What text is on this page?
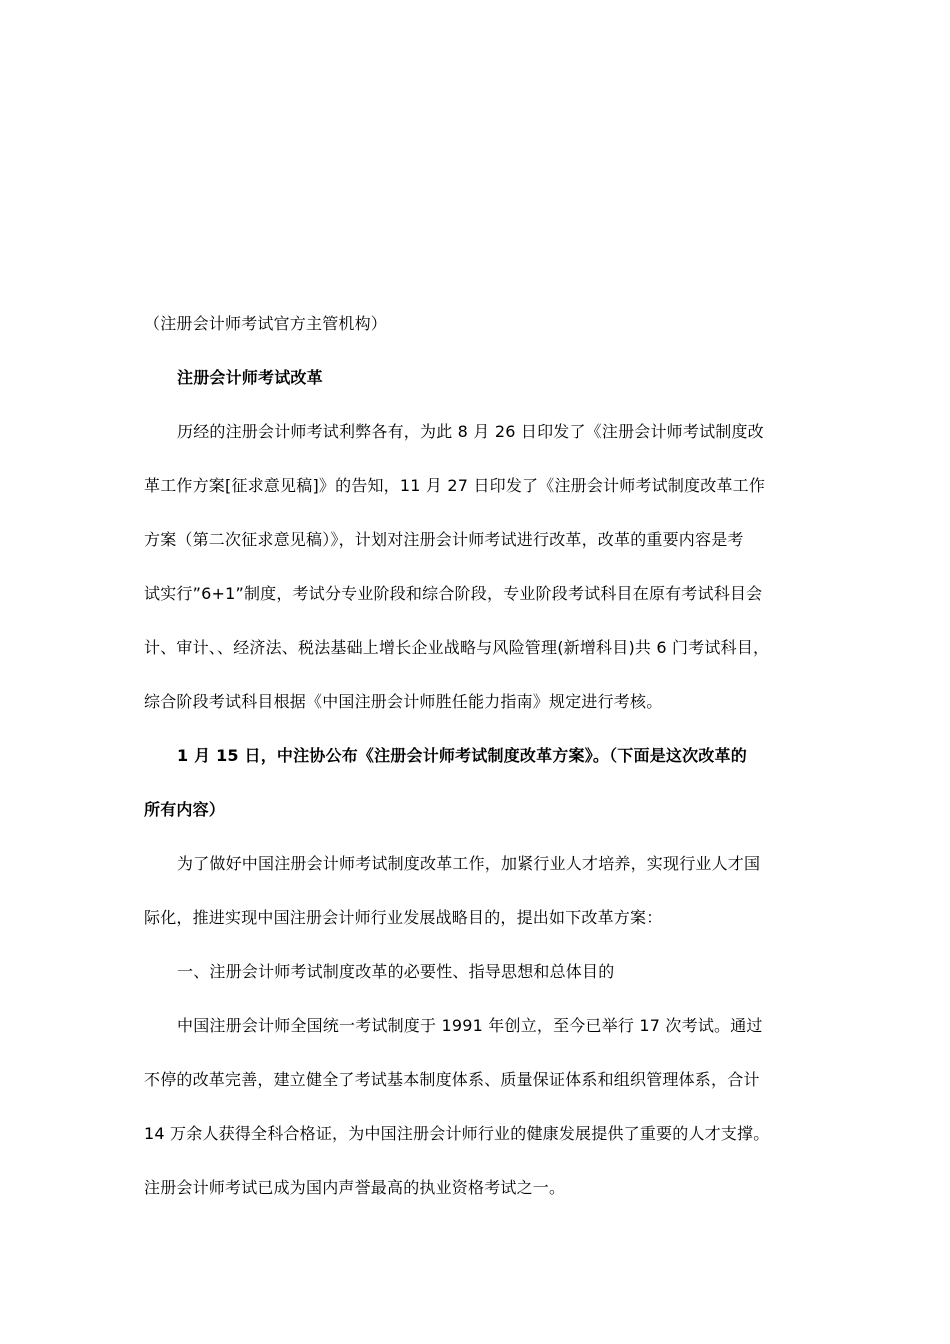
（注册会计师考试官方主管机构）
注册会计师考试改革
历经的注册会计师考试利弊各有，为此 8 月 26 日印发了《注册会计师考试制度改
革工作方案[征求意见稿]》的告知，11 月 27 日印发了《注册会计师考试制度改革工作
方案（第二次征求意见稿）》，计划对注册会计师考试进行改革，改革的重要内容是考
试实行”6+1”制度，考试分专业阶段和综合阶段，专业阶段考试科目在原有考试科目会
计、审计、、经济法、税法基础上增长企业战略与风险管理(新增科目)共 6 门考试科目，
综合阶段考试科目根据《中国注册会计师胜任能力指南》规定进行考核。
1 月 15 日，中注协公布《注册会计师考试制度改革方案》。（下面是这次改革的
所有内容）
为了做好中国注册会计师考试制度改革工作，加紧行业人才培养，实现行业人才国
际化，推进实现中国注册会计师行业发展战略目的，提出如下改革方案：
一、注册会计师考试制度改革的必要性、指导思想和总体目的
中国注册会计师全国统一考试制度于 1991 年创立，至今已举行 17 次考试。通过
不停的改革完善，建立健全了考试基本制度体系、质量保证体系和组织管理体系，合计
14 万余人获得全科合格证，为中国注册会计师行业的健康发展提供了重要的人才支撑。
注册会计师考试已成为国内声誉最高的执业资格考试之一。
